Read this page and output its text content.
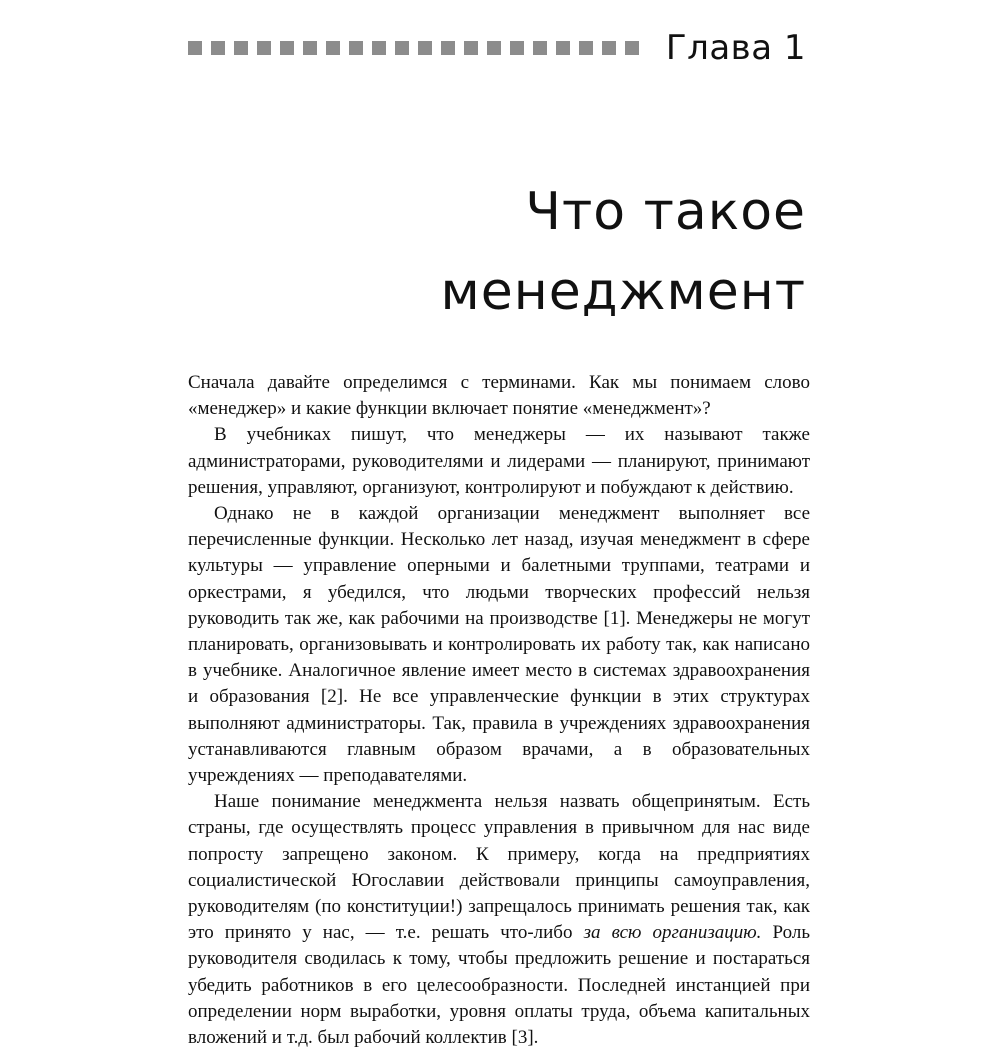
Глава 1
Что такое
менеджмент

Сначала давайте определимся с терминами. Как мы понимаем слово «менеджер» и какие функции включает понятие «менеджмент»?

В учебниках пишут, что менеджеры — их называют также администраторами, руководителями и лидерами — планируют, принимают решения, управляют, организуют, контролируют и побуждают к действию.

Однако не в каждой организации менеджмент выполняет все перечисленные функции. Несколько лет назад, изучая менеджмент в сфере культуры — управление оперными и балетными труппами, театрами и оркестрами, я убедился, что людьми творческих профессий нельзя руководить так же, как рабочими на производстве [1]. Менеджеры не могут планировать, организовывать и контролировать их работу так, как написано в учебнике. Аналогичное явление имеет место в системах здравоохранения и образования [2]. Не все управленческие функции в этих структурах выполняют администраторы. Так, правила в учреждениях здравоохранения устанавливаются главным образом врачами, а в образовательных учреждениях — преподавателями.

Наше понимание менеджмента нельзя назвать общепринятым. Есть страны, где осуществлять процесс управления в привычном для нас виде попросту запрещено законом. К примеру, когда на предприятиях социалистической Югославии действовали принципы самоуправления, руководителям (по конституции!) запрещалось принимать решения так, как это принято у нас, — т.е. решать что-либо за всю организацию. Роль руководителя сводилась к тому, чтобы предложить решение и постараться убедить работников в его целесообразности. Последней инстанцией при определении норм выработки, уровня оплаты труда, объема капитальных вложений и т.д. был рабочий коллектив [3].
